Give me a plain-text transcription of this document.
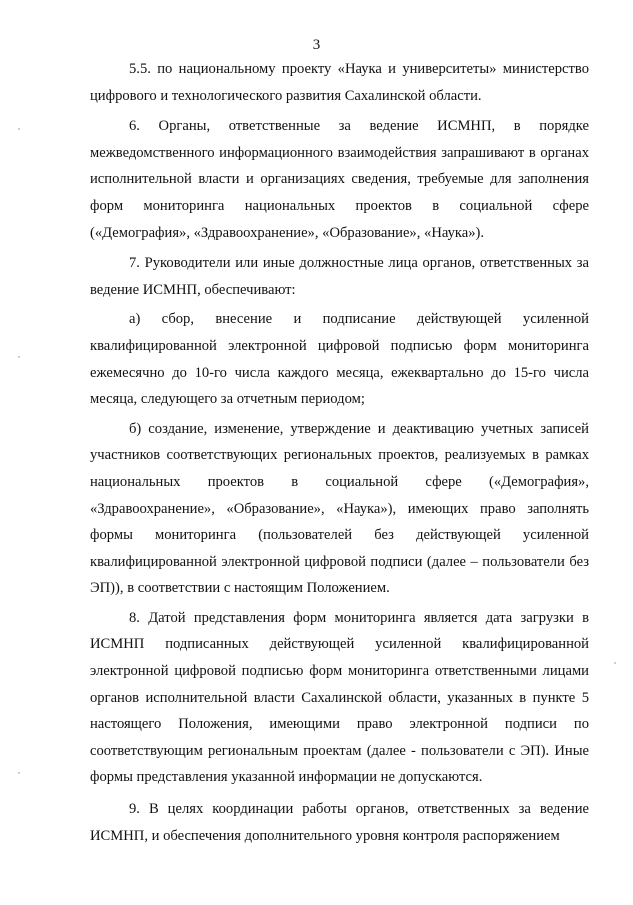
3

5.5. по национальному проекту «Наука и университеты» министерство цифрового и технологического развития Сахалинской области.

6. Органы, ответственные за ведение ИСМНП, в порядке межведомственного информационного взаимодействия запрашивают в органах исполнительной власти и организациях сведения, требуемые для заполнения форм мониторинга национальных проектов в социальной сфере («Демография», «Здравоохранение», «Образование», «Наука»).

7. Руководители или иные должностные лица органов, ответственных за ведение ИСМНП, обеспечивают:

а) сбор, внесение и подписание действующей усиленной квалифицированной электронной цифровой подписью форм мониторинга ежемесячно до 10-го числа каждого месяца, ежеквартально до 15-го числа месяца, следующего за отчетным периодом;

б) создание, изменение, утверждение и деактивацию учетных записей участников соответствующих региональных проектов, реализуемых в рамках национальных проектов в социальной сфере («Демография», «Здравоохранение», «Образование», «Наука»), имеющих право заполнять формы мониторинга (пользователей без действующей усиленной квалифицированной электронной цифровой подписи (далее – пользователи без ЭП)), в соответствии с настоящим Положением.

8. Датой представления форм мониторинга является дата загрузки в ИСМНП подписанных действующей усиленной квалифицированной электронной цифровой подписью форм мониторинга ответственными лицами органов исполнительной власти Сахалинской области, указанных в пункте 5 настоящего Положения, имеющими право электронной подписи по соответствующим региональным проектам (далее - пользователи с ЭП). Иные формы представления указанной информации не допускаются.

9. В целях координации работы органов, ответственных за ведение ИСМНП, и обеспечения дополнительного уровня контроля распоряжением
